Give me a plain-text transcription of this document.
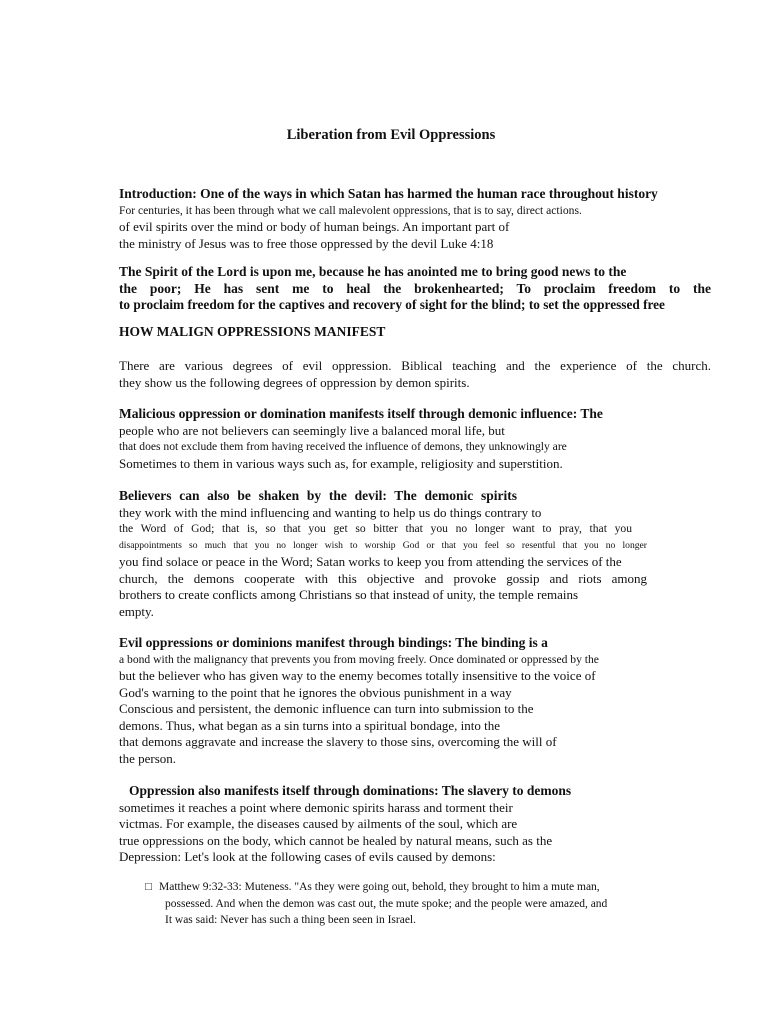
Liberation from Evil Oppressions
Introduction: One of the ways in which Satan has harmed the human race throughout history
For centuries, it has been through what we call malevolent oppressions, that is to say, direct actions.
of evil spirits over the mind or body of human beings. An important part of
the ministry of Jesus was to free those oppressed by the devil Luke 4:18
The Spirit of the Lord is upon me, because he has anointed me to bring good news to the
the poor; He has sent me to heal the brokenhearted; To proclaim freedom to the
to proclaim freedom for the captives and recovery of sight for the blind; to set the oppressed free
HOW MALIGN OPPRESSIONS MANIFEST
There are various degrees of evil oppression. Biblical teaching and the experience of the church.
they show us the following degrees of oppression by demon spirits.
Malicious oppression or domination manifests itself through demonic influence: The
people who are not believers can seemingly live a balanced moral life, but
that does not exclude them from having received the influence of demons, they unknowingly are
Sometimes to them in various ways such as, for example, religiosity and superstition.
Believers can also be shaken by the devil: The demonic spirits
they work with the mind influencing and wanting to help us do things contrary to
the Word of God; that is, so that you get so bitter that you no longer want to pray, that you
disappointments so much that you no longer wish to worship God or that you feel so resentful that you no longer
you find solace or peace in the Word; Satan works to keep you from attending the services of the
church, the demons cooperate with this objective and provoke gossip and riots among
brothers to create conflicts among Christians so that instead of unity, the temple remains
empty.
Evil oppressions or dominions manifest through bindings: The binding is a
a bond with the malignancy that prevents you from moving freely. Once dominated or oppressed by the
but the believer who has given way to the enemy becomes totally insensitive to the voice of
God's warning to the point that he ignores the obvious punishment in a way
Conscious and persistent, the demonic influence can turn into submission to the
demons. Thus, what began as a sin turns into a spiritual bondage, into the
that demons aggravate and increase the slavery to those sins, overcoming the will of
the person.
Oppression also manifests itself through dominations: The slavery to demons
sometimes it reaches a point where demonic spirits harass and torment their
victmas. For example, the diseases caused by ailments of the soul, which are
true oppressions on the body, which cannot be healed by natural means, such as the
Depression: Let's look at the following cases of evils caused by demons:
□ Matthew 9:32-33: Muteness. "As they were going out, behold, they brought to him a mute man,
possessed. And when the demon was cast out, the mute spoke; and the people were amazed, and
It was said: Never has such a thing been seen in Israel.
